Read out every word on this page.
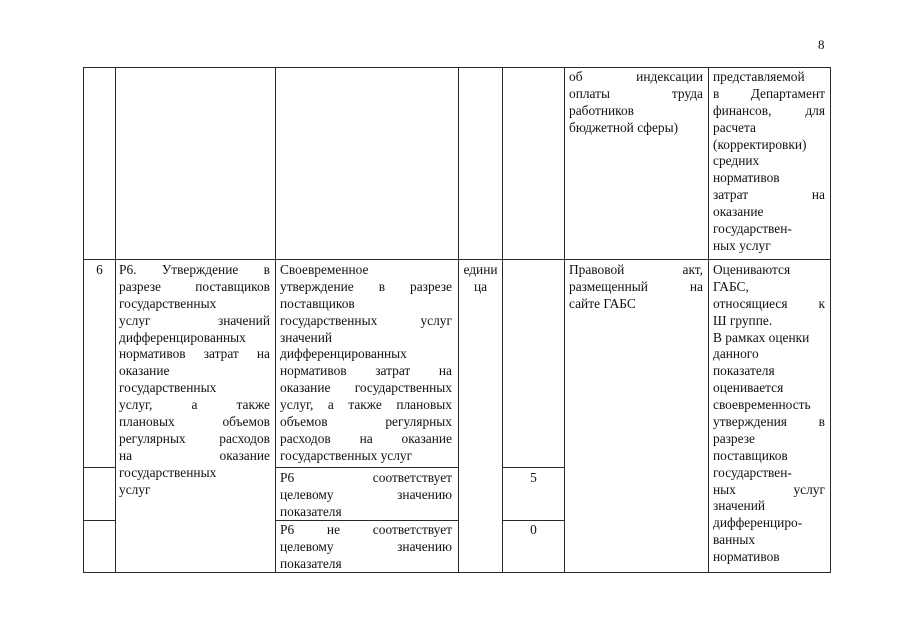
8
об индексации
оплаты труда
работников
бюджетной сферы)
представляемой
в Департамент
финансов, для
расчета
(корректировки)
средних
нормативов
затрат на
оказание
государствен-
ных услуг
6	Р6. Утверждение в
разрезе поставщиков
государственных
услуг значений
дифференцированных
нормативов затрат на
оказание
государственных
услуг, а также
плановых объемов
регулярных расходов
на оказание
государственных
услуг
Своевременное
утверждение в разрезе
поставщиков
государственных услуг
значений
дифференцированных
нормативов затрат на
оказание государственных
услуг, а также плановых
объемов регулярных
расходов на оказание
государственных услуг
едини
ца
Правовой акт,
размещенный на
сайте ГАБС
Оцениваются
ГАБС,
относящиеся к
Ш группе.
В рамках оценки
данного
показателя
оценивается
своевременность
утверждения в
разрезе
поставщиков
государствен-
ных услуг
значений
дифференциро-
ванных
нормативов
Р6 соответствует
целевому значению
показателя
5
Р6 не соответствует
целевому значению
показателя
0
